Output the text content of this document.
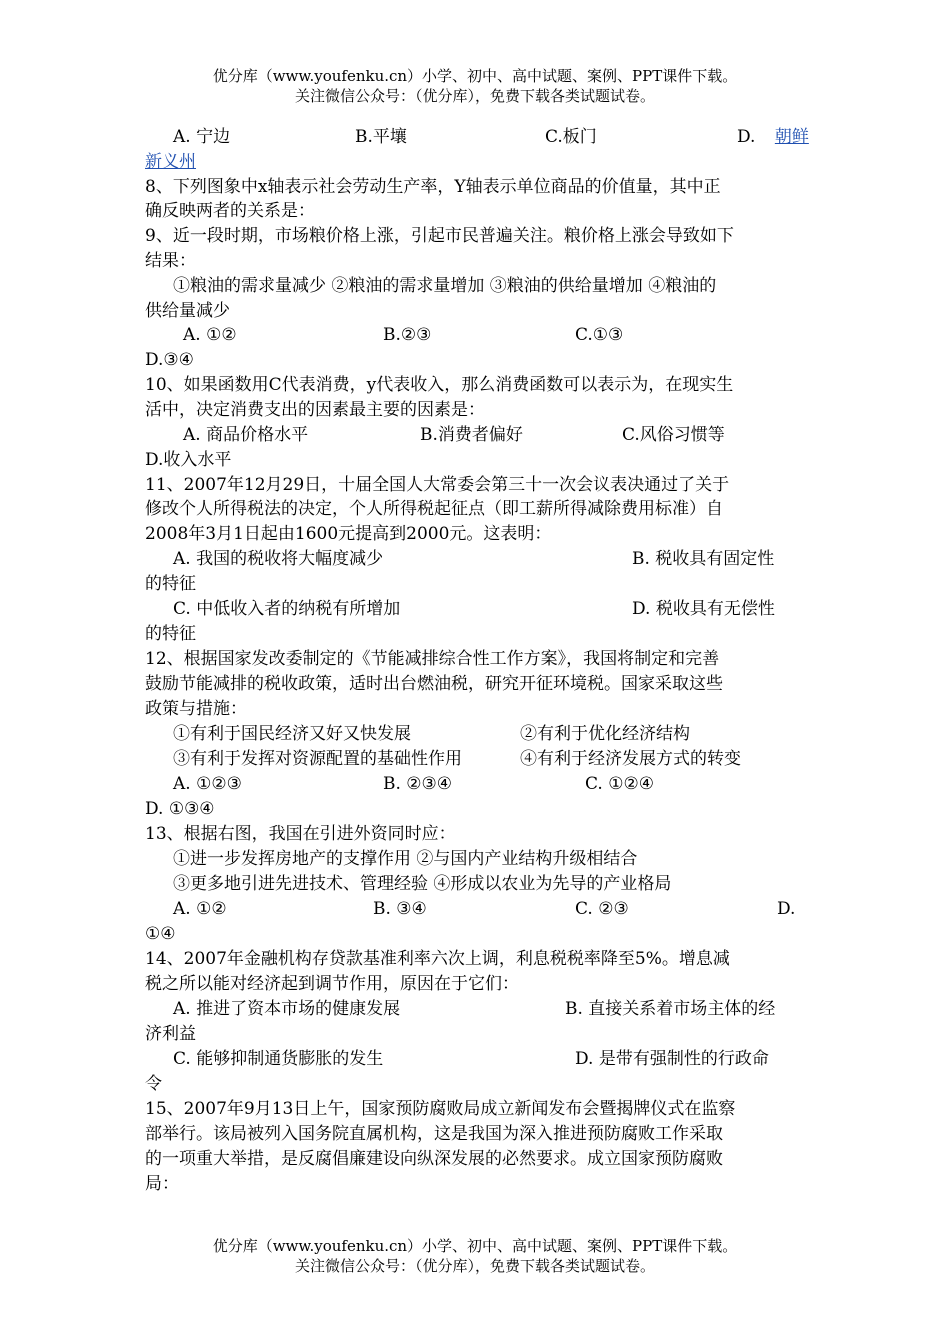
优分库（www.youfenku.cn）小学、初中、高中试题、案例、PPT课件下载。
关注微信公众号：（优分库），免费下载各类试题试卷。
A. 宁边	B.平壤	C.板门	D. 朝鲜
新义州
8、下列图象中x轴表示社会劳动生产率，Y轴表示单位商品的价值量，其中正
确反映两者的关系是：
9、近一段时期，市场粮价格上涨，引起市民普遍关注。粮价格上涨会导致如下
结果：
①粮油的需求量减少 ②粮油的需求量增加 ③粮油的供给量增加 ④粮油的
供给量减少
A. ①②	B.②③	C.①③
D.③④
10、如果函数用C代表消费，y代表收入，那么消费函数可以表示为，在现实生
活中，决定消费支出的因素最主要的因素是：
A. 商品价格水平	B.消费者偏好	C.风俗习惯等
D.收入水平
11、2007年12月29日，十届全国人大常委会第三十一次会议表决通过了关于
修改个人所得税法的决定，个人所得税起征点（即工薪所得减除费用标准）自
2008年3月1日起由1600元提高到2000元。这表明：
A. 我国的税收将大幅度减少	B. 税收具有固定性
的特征
C. 中低收入者的纳税有所增加	D. 税收具有无偿性
的特征
12、根据国家发改委制定的《节能减排综合性工作方案》，我国将制定和完善
鼓励节能减排的税收政策，适时出台燃油税，研究开征环境税。国家采取这些
政策与措施：
①有利于国民经济又好又快发展	②有利于优化经济结构
③有利于发挥对资源配置的基础性作用	④有利于经济发展方式的转变
A. ①②③	B. ②③④	C. ①②④
D. ①③④
13、根据右图，我国在引进外资同时应：
①进一步发挥房地产的支撑作用 ②与国内产业结构升级相结合
③更多地引进先进技术、管理经验 ④形成以农业为先导的产业格局
A. ①②	B. ③④	C. ②③	D.
①④
14、2007年金融机构存贷款基准利率六次上调，利息税税率降至5%。增息减
税之所以能对经济起到调节作用，原因在于它们：
A. 推进了资本市场的健康发展	B. 直接关系着市场主体的经
济利益
C. 能够抑制通货膨胀的发生	D. 是带有强制性的行政命
令
15、2007年9月13日上午，国家预防腐败局成立新闻发布会暨揭牌仪式在监察
部举行。该局被列入国务院直属机构，这是我国为深入推进预防腐败工作采取
的一项重大举措，是反腐倡廉建设向纵深发展的必然要求。成立国家预防腐败
局：
优分库（www.youfenku.cn）小学、初中、高中试题、案例、PPT课件下载。
关注微信公众号：（优分库），免费下载各类试题试卷。
